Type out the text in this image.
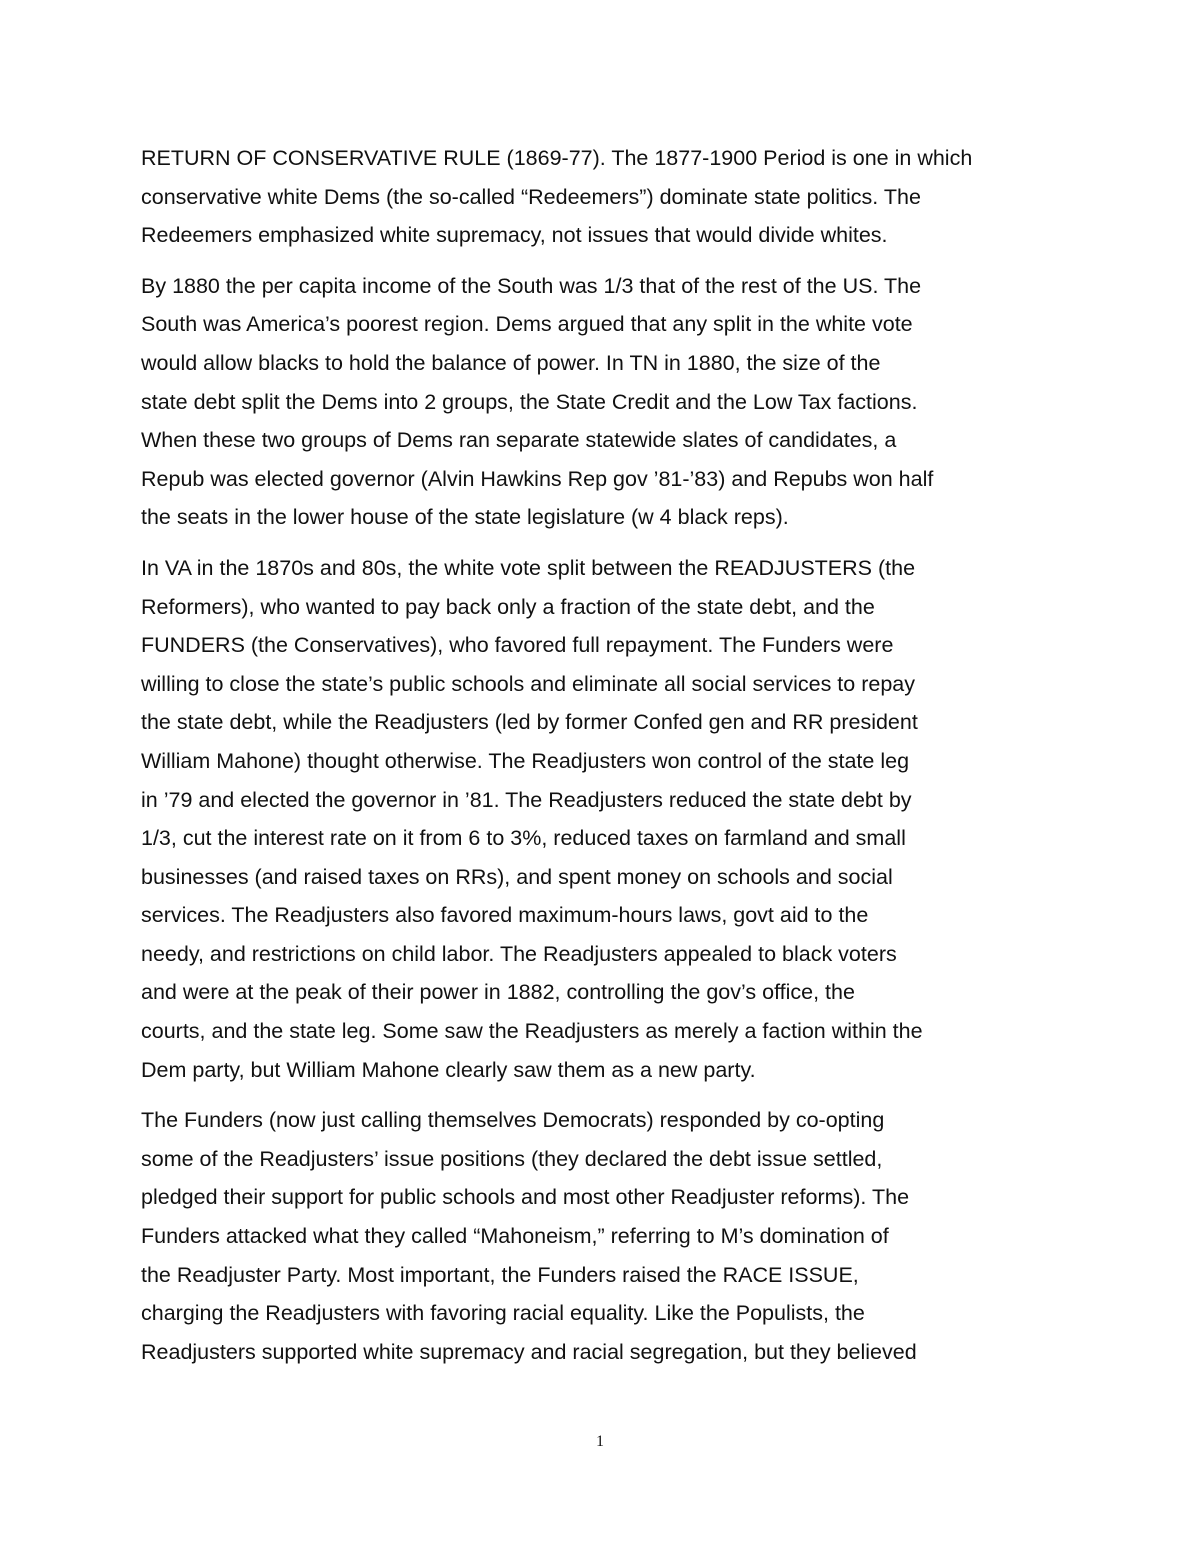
RETURN OF CONSERVATIVE RULE (1869-77). The 1877-1900 Period is one in which
conservative white Dems (the so-called “Redeemers”) dominate state politics. The
Redeemers emphasized white supremacy, not issues that would divide whites.

By 1880 the per capita income of the South was 1/3 that of the rest of the US. The
South was America’s poorest region. Dems argued that any split in the white vote
would allow blacks to hold the balance of power. In TN in 1880, the size of the
state debt split the Dems into 2 groups, the State Credit and the Low Tax factions.
When these two groups of Dems ran separate statewide slates of candidates, a
Repub was elected governor (Alvin Hawkins Rep gov ’81-’83) and Repubs won half
the seats in the lower house of the state legislature (w 4 black reps).

In VA in the 1870s and 80s, the white vote split between the READJUSTERS (the
Reformers), who wanted to pay back only a fraction of the state debt, and the
FUNDERS (the Conservatives), who favored full repayment. The Funders were
willing to close the state’s public schools and eliminate all social services to repay
the state debt, while the Readjusters (led by former Confed gen and RR president
William Mahone) thought otherwise. The Readjusters won control of the state leg
in ’79 and elected the governor in ’81. The Readjusters reduced the state debt by
1/3, cut the interest rate on it from 6 to 3%, reduced taxes on farmland and small
businesses (and raised taxes on RRs), and spent money on schools and social
services. The Readjusters also favored maximum-hours laws, govt aid to the
needy, and restrictions on child labor. The Readjusters appealed to black voters
and were at the peak of their power in 1882, controlling the gov’s office, the
courts, and the state leg. Some saw the Readjusters as merely a faction within the
Dem party, but William Mahone clearly saw them as a new party.

The Funders (now just calling themselves Democrats) responded by co-opting
some of the Readjusters’ issue positions (they declared the debt issue settled,
pledged their support for public schools and most other Readjuster reforms). The
Funders attacked what they called “Mahoneism,” referring to M’s domination of
the Readjuster Party. Most important, the Funders raised the RACE ISSUE,
charging the Readjusters with favoring racial equality. Like the Populists, the
Readjusters supported white supremacy and racial segregation, but they believed

1
